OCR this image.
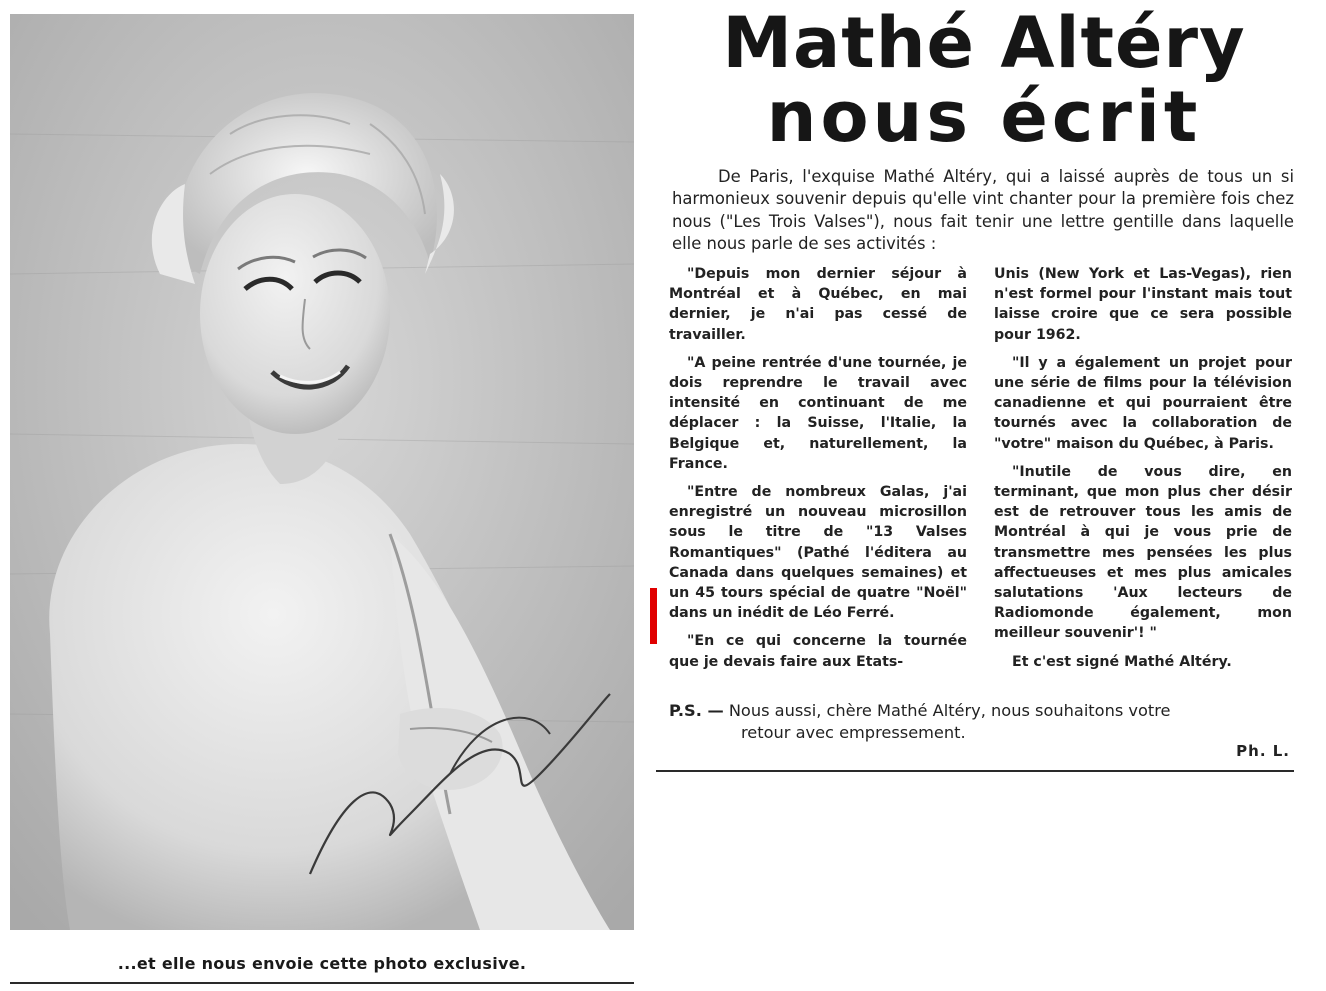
...et elle nous envoie cette photo exclusive.
Mathé Altéry
nous écrit

De Paris, l'exquise Mathé Altéry, qui a laissé auprès de tous un si harmonieux souvenir depuis qu'elle vint chanter pour la première fois chez nous ("Les Trois Valses"), nous fait tenir une lettre gentille dans laquelle elle nous parle de ses activités :

"Depuis mon dernier séjour à Montréal et à Québec, en mai dernier, je n'ai pas cessé de travailler.

"A peine rentrée d'une tournée, je dois reprendre le travail avec intensité en continuant de me déplacer : la Suisse, l'Italie, la Belgique et, naturellement, la France.

"Entre de nombreux Galas, j'ai enregistré un nouveau microsillon sous le titre de "13 Valses Romantiques" (Pathé l'éditera au Canada dans quelques semaines) et un 45 tours spécial de quatre "Noël" dans un inédit de Léo Ferré.

"En ce qui concerne la tournée que je devais faire aux Etats-

Unis (New York et Las-Vegas), rien n'est formel pour l'instant mais tout laisse croire que ce sera possible pour 1962.

"Il y a également un projet pour une série de films pour la télévision canadienne et qui pourraient être tournés avec la collaboration de "votre" maison du Québec, à Paris.

"Inutile de vous dire, en terminant, que mon plus cher désir est de retrouver tous les amis de Montréal à qui je vous prie de transmettre mes pensées les plus affectueuses et mes plus amicales salutations 'Aux lecteurs de Radiomonde également, mon meilleur souvenir'! "

Et c'est signé Mathé Altéry.

P.S. — Nous aussi, chère Mathé Altéry, nous souhaitons votre
retour avec empressement.
Ph. L.
